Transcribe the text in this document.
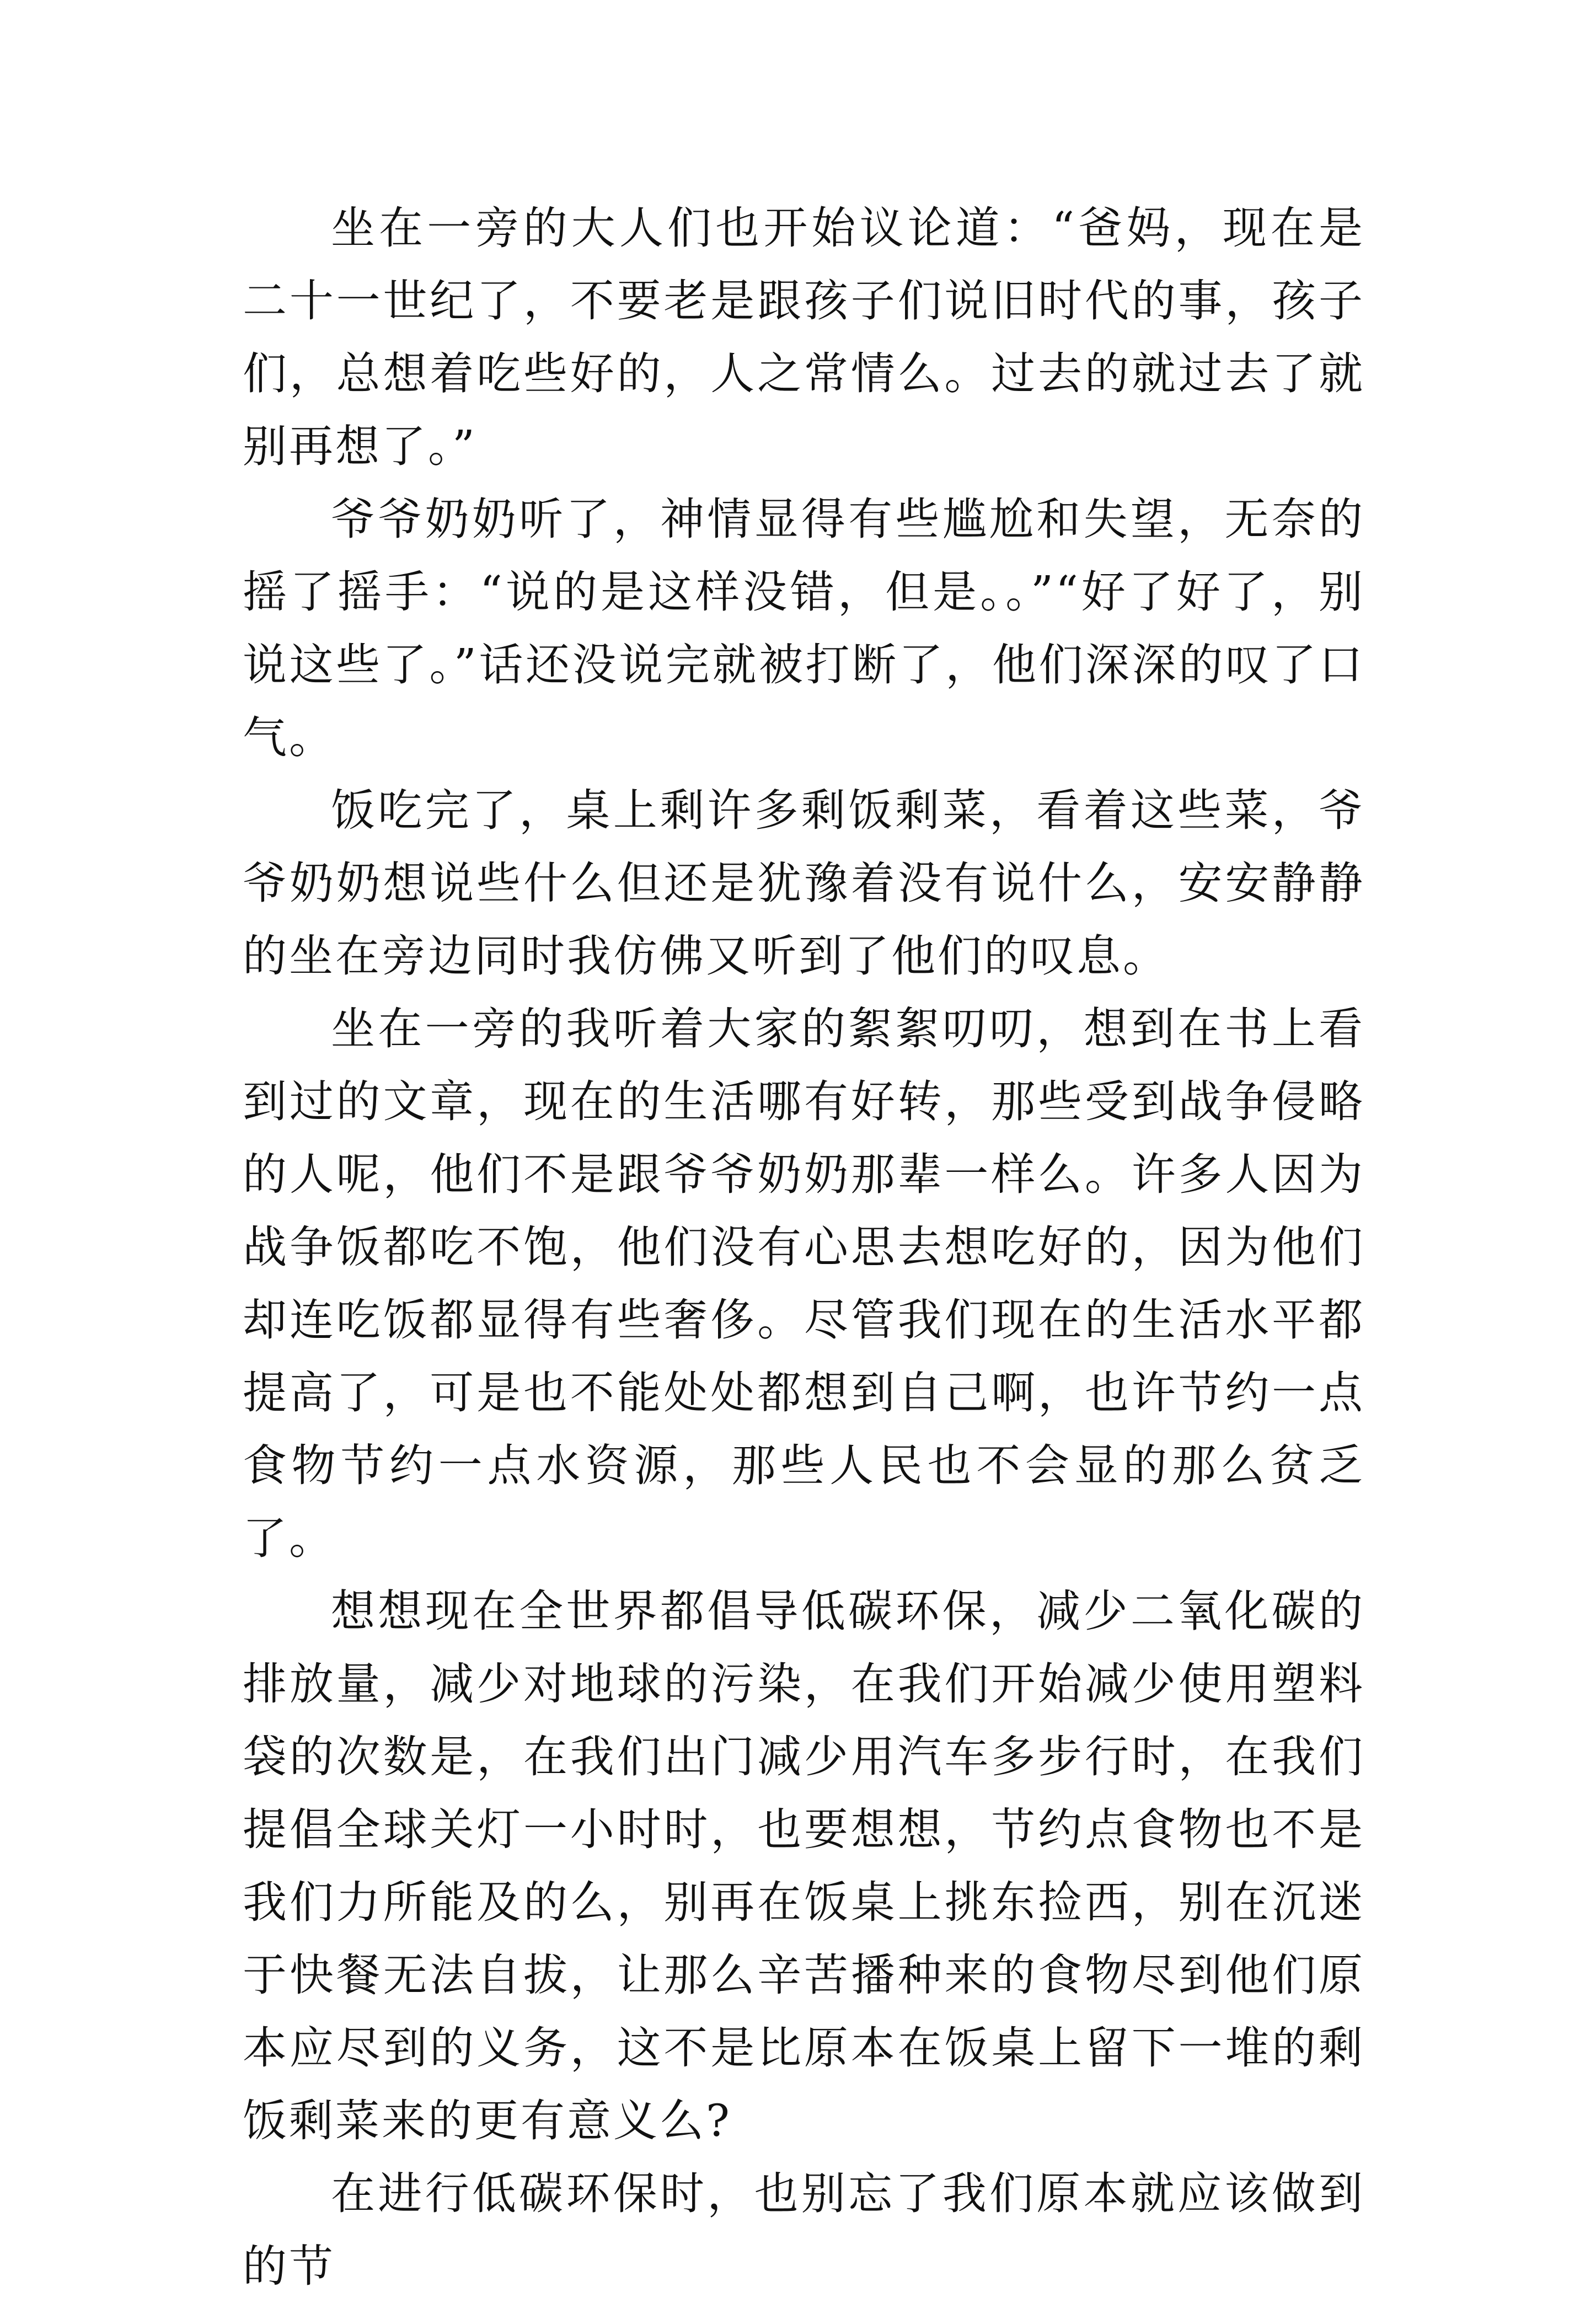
坐在一旁的大人们也开始议论道：“爸妈，现在是二十一世纪了，不要老是跟孩子们说旧时代的事，孩子们，总想着吃些好的，人之常情么。过去的就过去了就别再想了。”

爷爷奶奶听了，神情显得有些尴尬和失望，无奈的摇了摇手：“说的是这样没错，但是。。”“好了好了，别说这些了。”话还没说完就被打断了，他们深深的叹了口气。

饭吃完了，桌上剩许多剩饭剩菜，看着这些菜，爷爷奶奶想说些什么但还是犹豫着没有说什么，安安静静的坐在旁边同时我仿佛又听到了他们的叹息。

坐在一旁的我听着大家的絮絮叨叨，想到在书上看到过的文章，现在的生活哪有好转，那些受到战争侵略的人呢，他们不是跟爷爷奶奶那辈一样么。许多人因为战争饭都吃不饱，他们没有心思去想吃好的，因为他们却连吃饭都显得有些奢侈。尽管我们现在的生活水平都提高了，可是也不能处处都想到自己啊，也许节约一点食物节约一点水资源，那些人民也不会显的那么贫乏了。

想想现在全世界都倡导低碳环保，减少二氧化碳的排放量，减少对地球的污染，在我们开始减少使用塑料袋的次数是，在我们出门减少用汽车多步行时，在我们提倡全球关灯一小时时，也要想想，节约点食物也不是我们力所能及的么，别再在饭桌上挑东捡西，别在沉迷于快餐无法自拔，让那么辛苦播种来的食物尽到他们原本应尽到的义务，这不是比原本在饭桌上留下一堆的剩饭剩菜来的更有意义么?

在进行低碳环保时，也别忘了我们原本就应该做到的节
